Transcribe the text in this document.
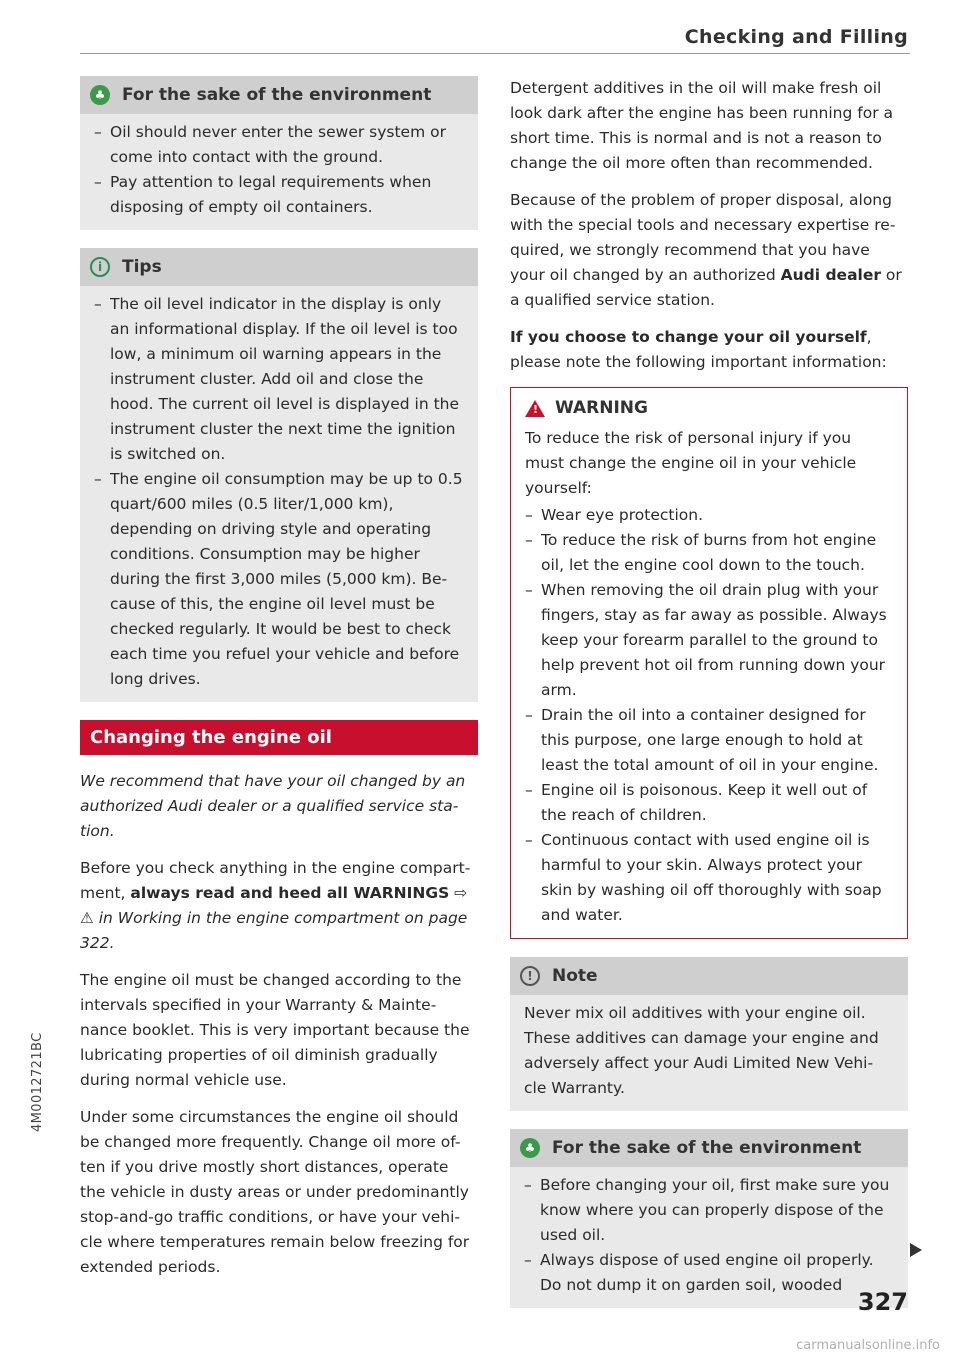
Checking and Filling
♣ For the sake of the environment
– Oil should never enter the sewer system or come into contact with the ground.
– Pay attention to legal requirements when disposing of empty oil containers.
i	Tips
– The oil level indicator in the display is only an informational display. If the oil level is too low, a minimum oil warning appears in the instrument cluster. Add oil and close the hood. The current oil level is displayed in the instrument cluster the next time the ignition is switched on.
– The engine oil consumption may be up to 0.5 quart/600 miles (0.5 liter/1,000 km), depending on driving style and operating conditions. Consumption may be higher during the first 3,000 miles (5,000 km). Be-cause of this, the engine oil level must be checked regularly. It would be best to check each time you refuel your vehicle and before long drives.
Changing the engine oil

We recommend that have your oil changed by an authorized Audi dealer or a qualified service sta-tion.

Before you check anything in the engine compart-ment, always read and heed all WARNINGS ⇨ ⚠ in Working in the engine compartment on page 322.

The engine oil must be changed according to the intervals specified in your Warranty & Mainte-nance booklet. This is very important because the lubricating properties of oil diminish gradually during normal vehicle use.

Under some circumstances the engine oil should be changed more frequently. Change oil more of-ten if you drive mostly short distances, operate the vehicle in dusty areas or under predominantly stop-and-go traffic conditions, or have your vehi-cle where temperatures remain below freezing for extended periods.

Detergent additives in the oil will make fresh oil look dark after the engine has been running for a short time. This is normal and is not a reason to change the oil more often than recommended.

Because of the problem of proper disposal, along with the special tools and necessary expertise re-quired, we strongly recommend that you have your oil changed by an authorized Audi dealer or a qualified service station.

If you choose to change your oil yourself, please note the following important information:

! WARNING

To reduce the risk of personal injury if you must change the engine oil in your vehicle yourself:

– Wear eye protection.
– To reduce the risk of burns from hot engine oil, let the engine cool down to the touch.
– When removing the oil drain plug with your fingers, stay as far away as possible. Always keep your forearm parallel to the ground to help prevent hot oil from running down your arm.
– Drain the oil into a container designed for this purpose, one large enough to hold at least the total amount of oil in your engine.
– Engine oil is poisonous. Keep it well out of the reach of children.
– Continuous contact with used engine oil is harmful to your skin. Always protect your skin by washing oil off thoroughly with soap and water.
!	Note

Never mix oil additives with your engine oil. These additives can damage your engine and adversely affect your Audi Limited New Vehi-cle Warranty.

♣ For the sake of the environment
– Before changing your oil, first make sure you know where you can properly dispose of the used oil.
– Always dispose of used engine oil properly. Do not dump it on garden soil, wooded
4M0012721BC
327
carmanualsonline.info
